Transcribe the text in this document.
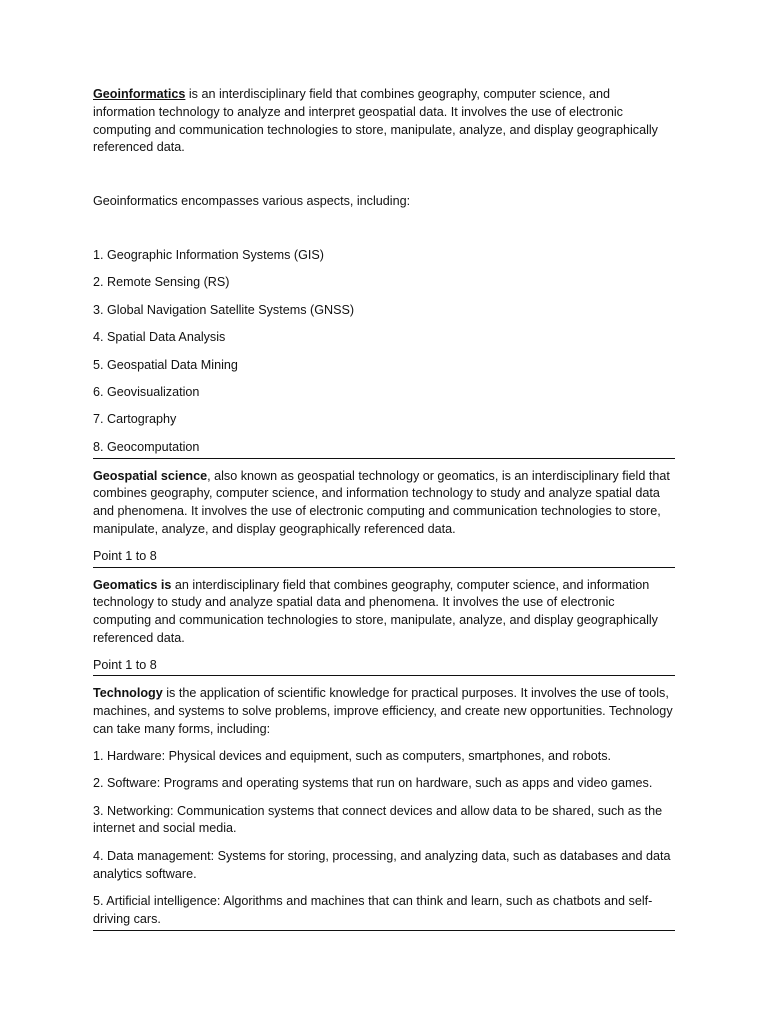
Geoinformatics is an interdisciplinary field that combines geography, computer science, and information technology to analyze and interpret geospatial data. It involves the use of electronic computing and communication technologies to store, manipulate, analyze, and display geographically referenced data.

Geoinformatics encompasses various aspects, including:

1. Geographic Information Systems (GIS)

2. Remote Sensing (RS)

3. Global Navigation Satellite Systems (GNSS)

4. Spatial Data Analysis

5. Geospatial Data Mining

6. Geovisualization

7. Cartography

8. Geocomputation

Geospatial science, also known as geospatial technology or geomatics, is an interdisciplinary field that combines geography, computer science, and information technology to study and analyze spatial data and phenomena. It involves the use of electronic computing and communication technologies to store, manipulate, analyze, and display geographically referenced data.

Point 1 to 8

Geomatics is an interdisciplinary field that combines geography, computer science, and information technology to study and analyze spatial data and phenomena. It involves the use of electronic computing and communication technologies to store, manipulate, analyze, and display geographically referenced data.

Point 1 to 8

Technology is the application of scientific knowledge for practical purposes. It involves the use of tools, machines, and systems to solve problems, improve efficiency, and create new opportunities. Technology can take many forms, including:

1. Hardware: Physical devices and equipment, such as computers, smartphones, and robots.

2. Software: Programs and operating systems that run on hardware, such as apps and video games.

3. Networking: Communication systems that connect devices and allow data to be shared, such as the internet and social media.

4. Data management: Systems for storing, processing, and analyzing data, such as databases and data analytics software.

5. Artificial intelligence: Algorithms and machines that can think and learn, such as chatbots and self-driving cars.
